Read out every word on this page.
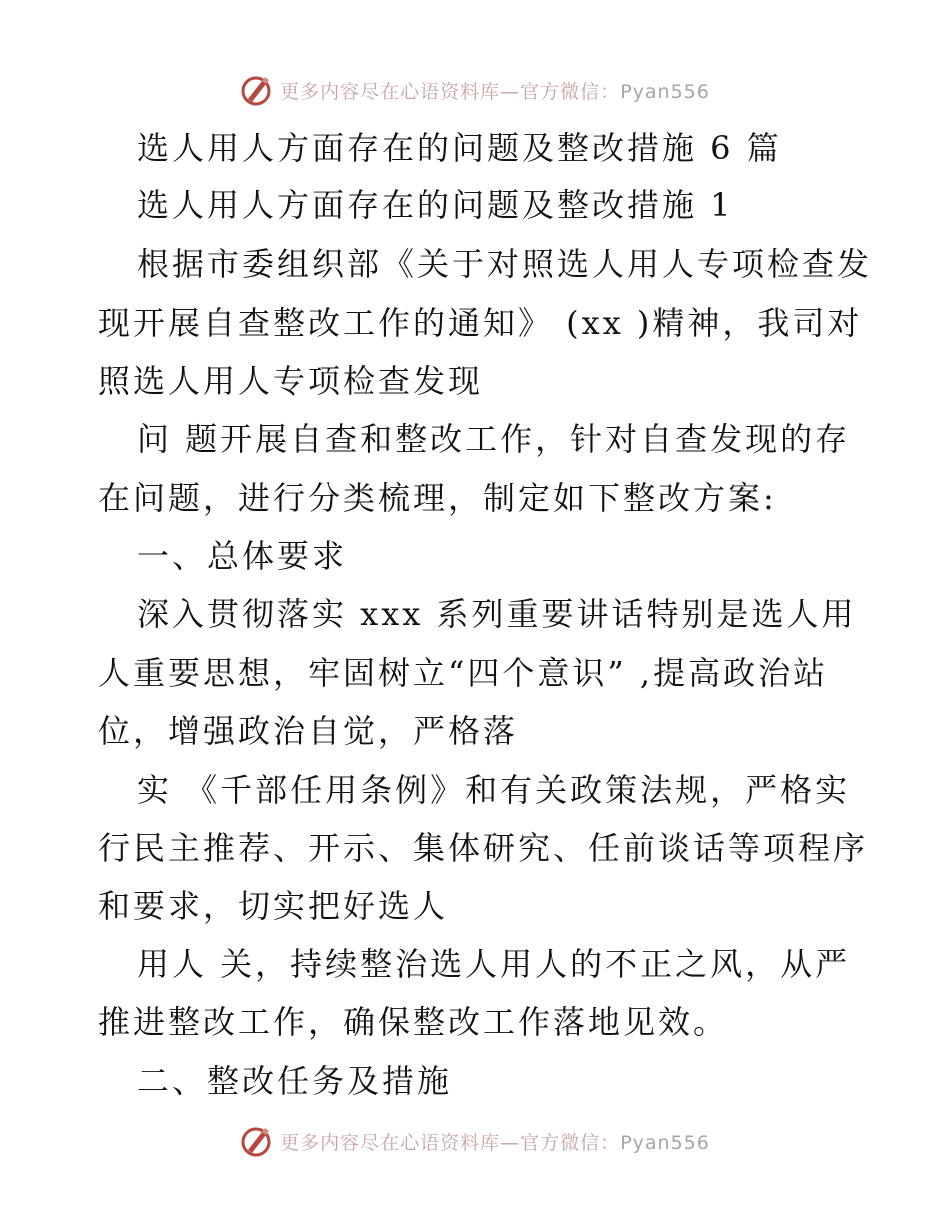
更多内容尽在心语资料库—官方微信：Pyan556
选人用人方面存在的问题及整改措施 6 篇
选人用人方面存在的问题及整改措施 1
根据市委组织部《关于对照选人用人专项检查发
现开展自查整改工作的通知》 (xx )精神，我司对
照选人用人专项检查发现
问 题开展自查和整改工作，针对自查发现的存
在问题，进行分类梳理，制定如下整改方案:
一、总体要求
深入贯彻落实 xxx 系列重要讲话特别是选人用
人重要思想，牢固树立“四个意识” ,提高政治站
位，增强政治自觉，严格落
实 《千部任用条例》和有关政策法规，严格实
行民主推荐、开示、集体研究、任前谈话等项程序
和要求，切实把好选人
用人 关，持续整治选人用人的不正之风，从严
推进整改工作，确保整改工作落地见效。
二、整改任务及措施
更多内容尽在心语资料库—官方微信：Pyan556
